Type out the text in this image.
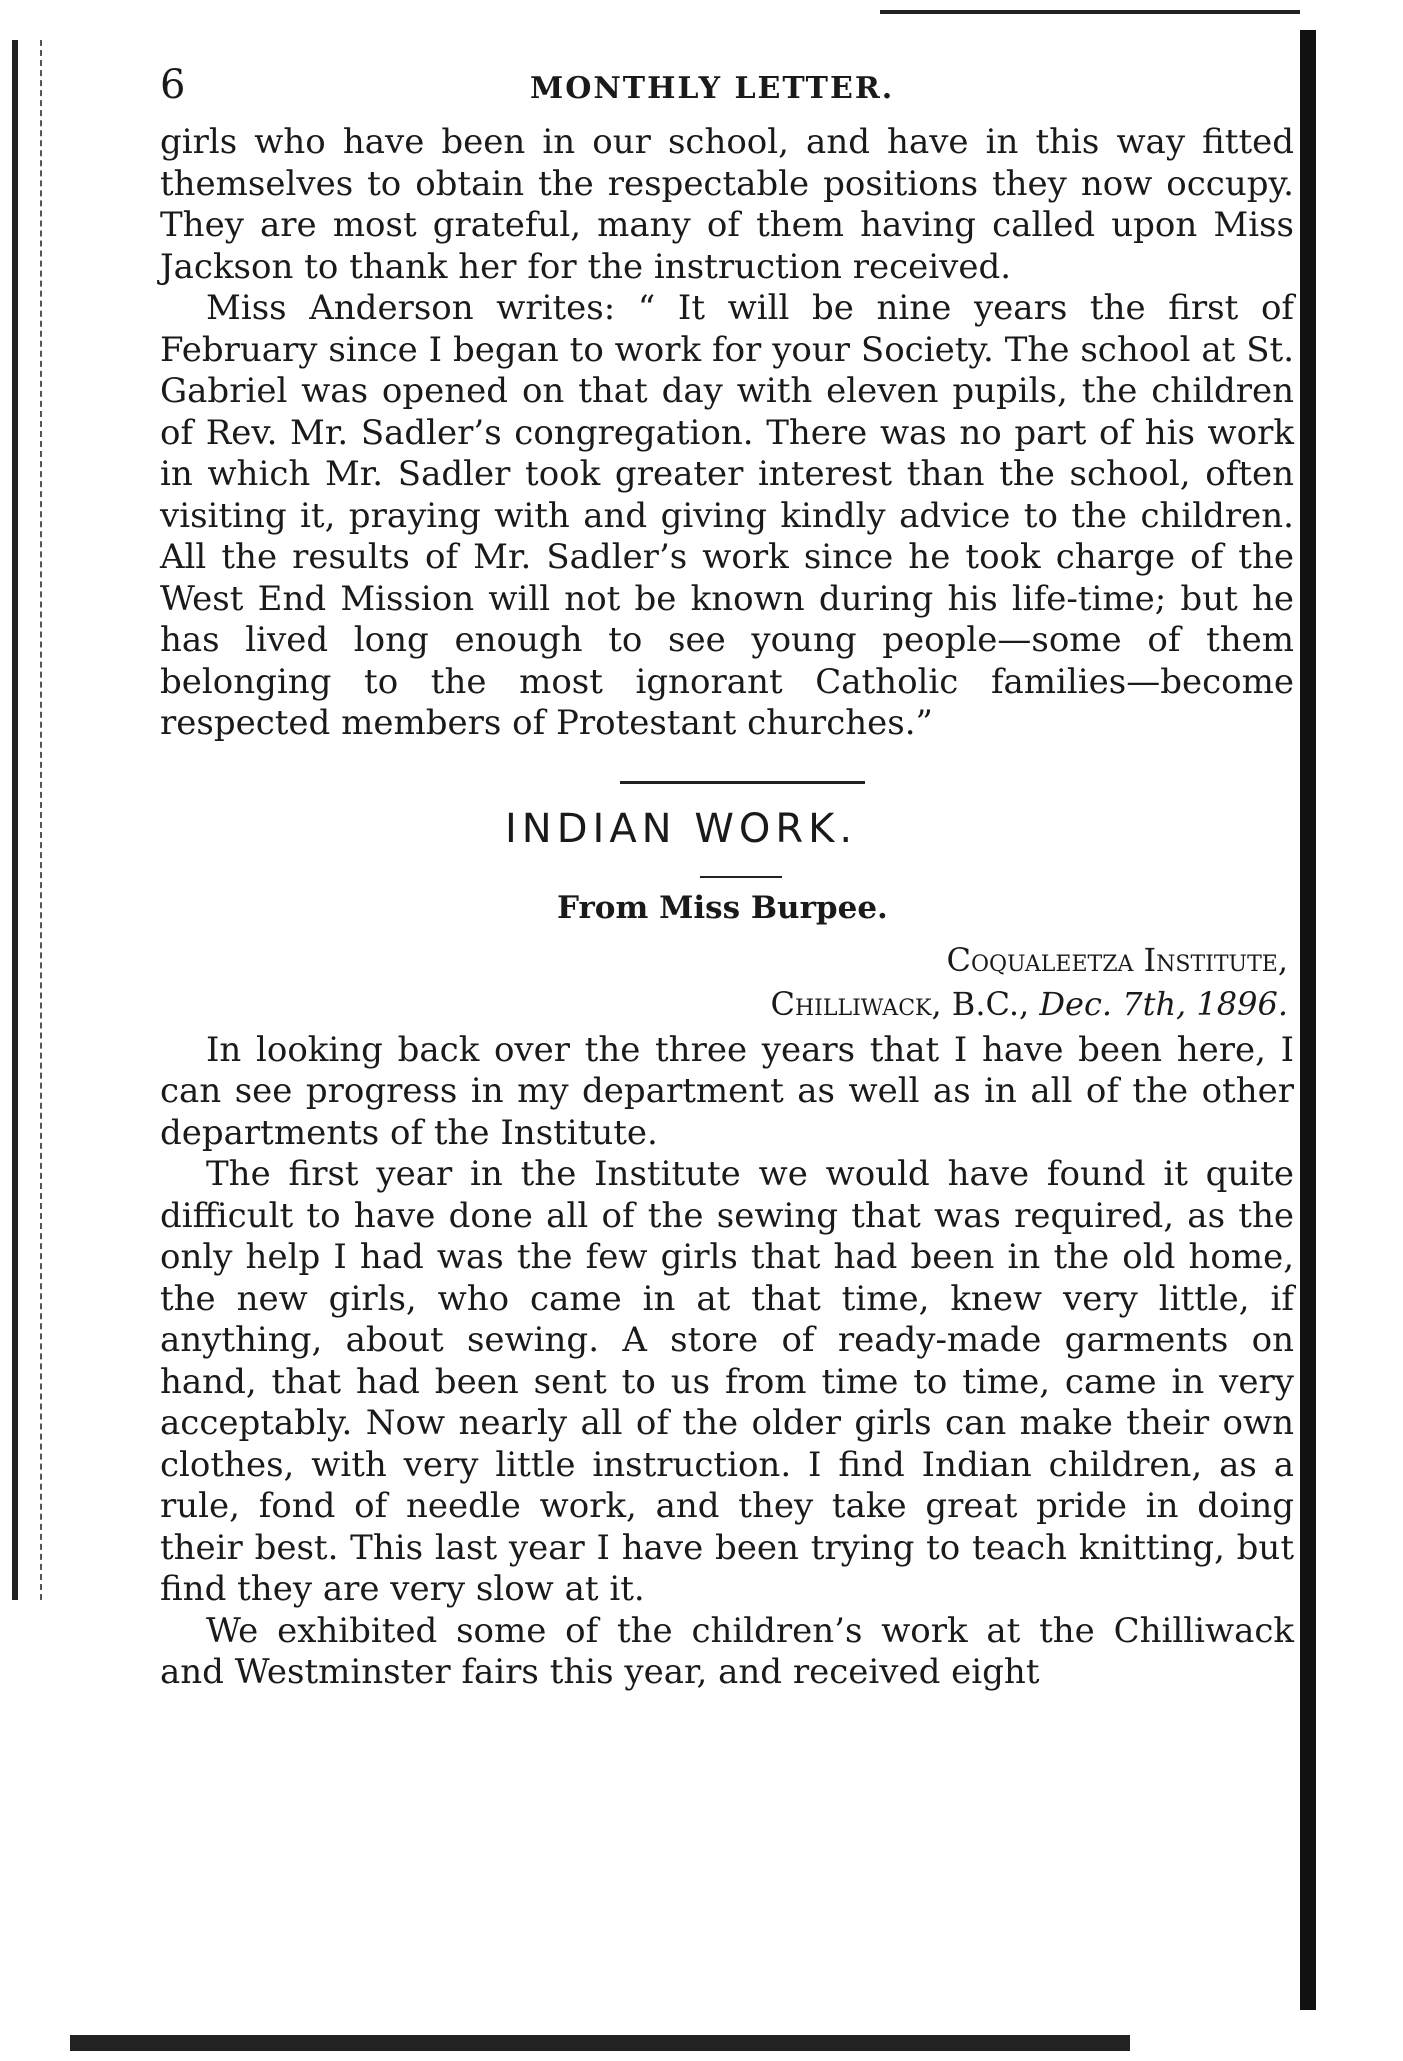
6	MONTHLY LETTER.

girls who have been in our school, and have in this way fitted themselves to obtain the respectable positions they now occupy. They are most grateful, many of them having called upon Miss Jackson to thank her for the instruction received.

Miss Anderson writes: “ It will be nine years the first of February since I began to work for your Society. The school at St. Gabriel was opened on that day with eleven pupils, the children of Rev. Mr. Sadler’s congregation. There was no part of his work in which Mr. Sadler took greater interest than the school, often visiting it, praying with and giving kindly advice to the children. All the results of Mr. Sadler’s work since he took charge of the West End Mission will not be known during his life-time; but he has lived long enough to see young people—some of them belonging to the most ignorant Catholic families—become respected members of Protestant churches.”

INDIAN WORK.
From Miss Burpee.
Coqualeetza Institute,
Chilliwack, B.C., Dec. 7th, 1896.

In looking back over the three years that I have been here, I can see progress in my department as well as in all of the other departments of the Institute.

The first year in the Institute we would have found it quite difficult to have done all of the sewing that was required, as the only help I had was the few girls that had been in the old home, the new girls, who came in at that time, knew very little, if anything, about sewing. A store of ready-made garments on hand, that had been sent to us from time to time, came in very acceptably. Now nearly all of the older girls can make their own clothes, with very little instruction. I find Indian children, as a rule, fond of needle work, and they take great pride in doing their best. This last year I have been trying to teach knitting, but find they are very slow at it.

We exhibited some of the children’s work at the Chilliwack and Westminster fairs this year, and received eight
